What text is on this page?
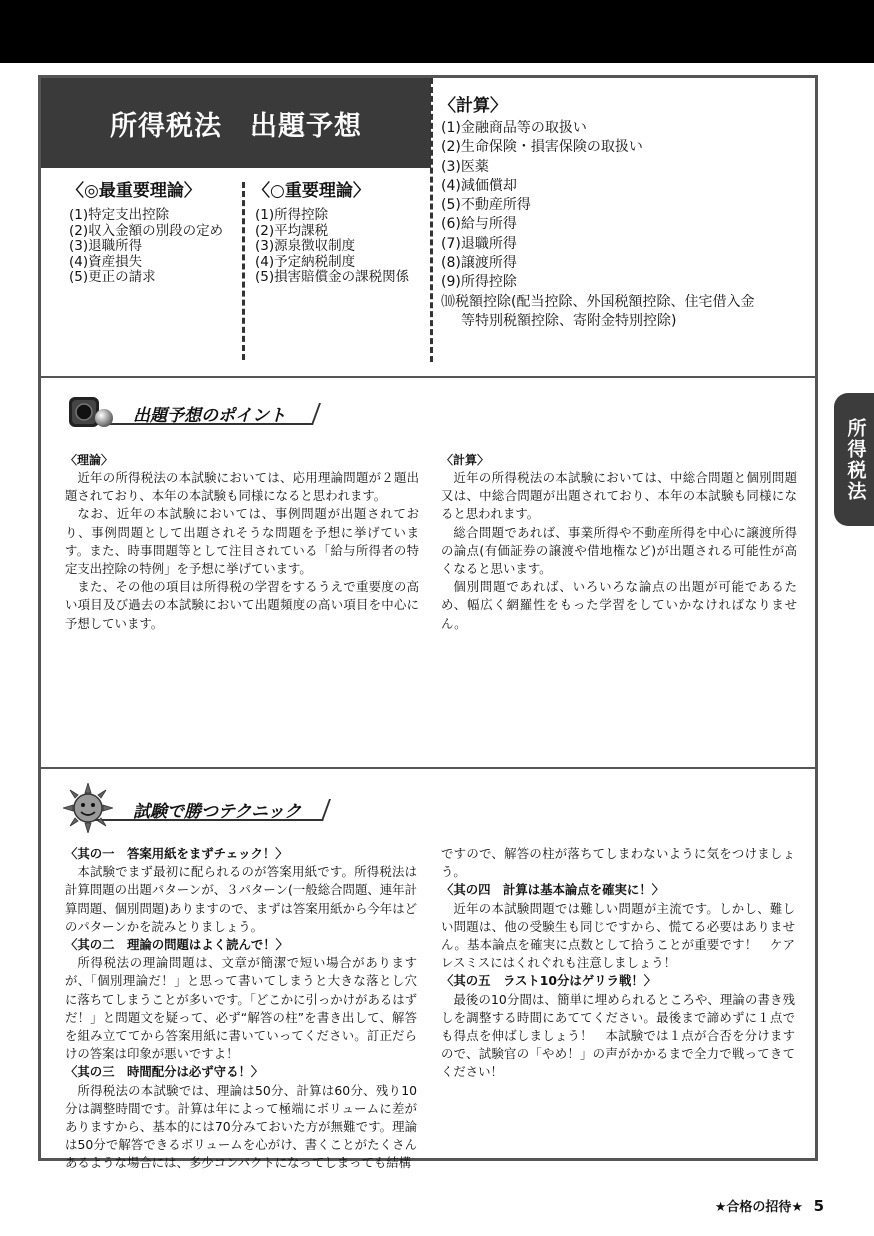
所得税法
所得税法　出題予想
〈◎最重要理論〉
(1)特定支出控除
(2)収入金額の別段の定め
(3)退職所得
(4)資産損失
(5)更正の請求
〈○重要理論〉
(1)所得控除
(2)平均課税
(3)源泉徴収制度
(4)予定納税制度
(5)損害賠償金の課税関係
〈計算〉
(1)金融商品等の取扱い
(2)生命保険・損害保険の取扱い
(3)医薬
(4)減価償却
(5)不動産所得
(6)給与所得
(7)退職所得
(8)譲渡所得
(9)所得控除
⑽税額控除(配当控除、外国税額控除、住宅借入金
等特別税額控除、寄附金特別控除)
出題予想のポイント
〈理論〉

近年の所得税法の本試験においては、応用理論問題が２題出題されており、本年の本試験も同様になると思われます。

なお、近年の本試験においては、事例問題が出題されており、事例問題として出題されそうな問題を予想に挙げています。また、時事問題等として注目されている「給与所得者の特定支出控除の特例」を予想に挙げています。

また、その他の項目は所得税の学習をするうえで重要度の高い項目及び過去の本試験において出題頻度の高い項目を中心に予想しています。

〈計算〉

近年の所得税法の本試験においては、中総合問題と個別問題又は、中総合問題が出題されており、本年の本試験も同様になると思われます。

総合問題であれば、事業所得や不動産所得を中心に譲渡所得の論点(有価証券の譲渡や借地権など)が出題される可能性が高くなると思います。

個別問題であれば、いろいろな論点の出題が可能であるため、幅広く網羅性をもった学習をしていかなければなりません。

試験で勝つテクニック
〈其の一　答案用紙をまずチェック！〉

本試験でまず最初に配られるのが答案用紙です。所得税法は計算問題の出題パターンが、３パターン(一般総合問題、連年計算問題、個別問題)ありますので、まずは答案用紙から今年はどのパターンかを読みとりましょう。

〈其の二　理論の問題はよく読んで！〉

所得税法の理論問題は、文章が簡潔で短い場合がありますが、「個別理論だ！」と思って書いてしまうと大きな落とし穴に落ちてしまうことが多いです。「どこかに引っかけがあるはずだ！」と問題文を疑って、必ず“解答の柱”を書き出して、解答を組み立ててから答案用紙に書いていってください。訂正だらけの答案は印象が悪いですよ！

〈其の三　時間配分は必ず守る！〉

所得税法の本試験では、理論は50分、計算は60分、残り10分は調整時間です。計算は年によって極端にボリュームに差がありますから、基本的には70分みておいた方が無難です。理論は50分で解答できるボリュームを心がけ、書くことがたくさんあるような場合には、多少コンパクトになってしまっても結構

ですので、解答の柱が落ちてしまわないように気をつけましょう。

〈其の四　計算は基本論点を確実に！〉

近年の本試験問題では難しい問題が主流です。しかし、難しい問題は、他の受験生も同じですから、慌てる必要はありません。基本論点を確実に点数として拾うことが重要です！　ケアレスミスにはくれぐれも注意しましょう！

〈其の五　ラスト10分はゲリラ戦！〉

最後の10分間は、簡単に埋められるところや、理論の書き残しを調整する時間にあててください。最後まで諦めずに１点でも得点を伸ばしましょう！　本試験では１点が合否を分けますので、試験官の「やめ！」の声がかかるまで全力で戦ってきてください！

★合格の招待★ 5
